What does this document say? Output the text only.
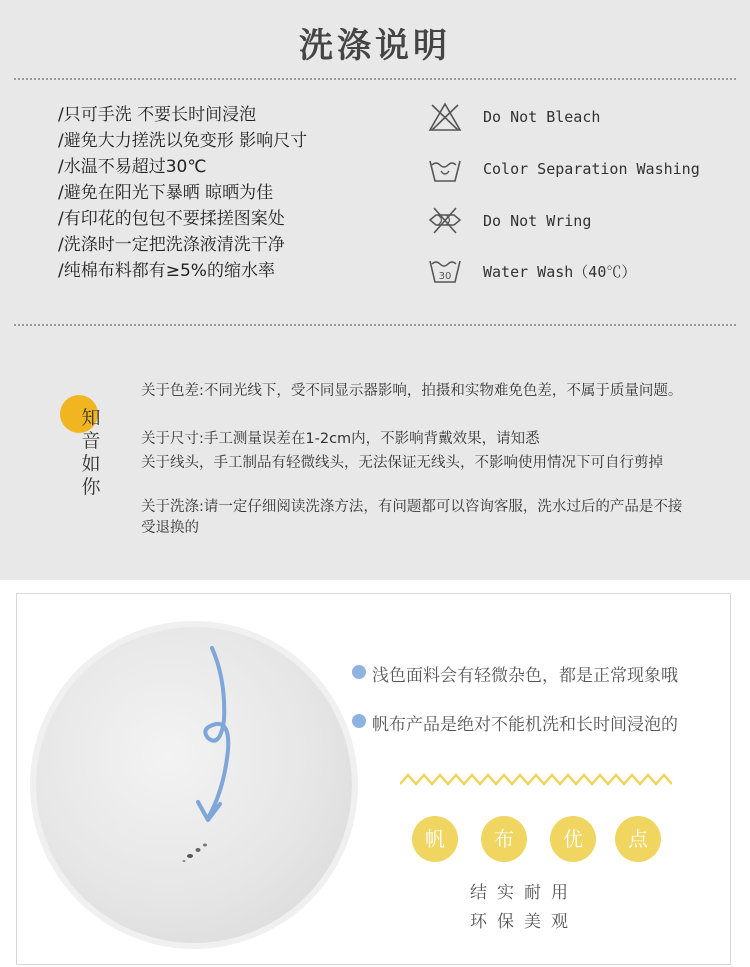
洗涤说明
/只可手洗 不要长时间浸泡
/避免大力搓洗以免变形 影响尺寸
/水温不易超过30℃
/避免在阳光下暴晒 晾晒为佳
/有印花的包包不要揉搓图案处
/洗涤时一定把洗涤液清洗干净
/纯棉布料都有≥5%的缩水率
Do Not Bleach
Color Separation Washing
Do Not Wring
30 Water Wash（40℃）
知
音
如
你
关于色差:不同光线下，受不同显示器影响，拍摄和实物难免色差，不属于质量问题。
关于尺寸:手工测量误差在1-2cm内，不影响背戴效果，请知悉
关于线头，手工制品有轻微线头，无法保证无线头，不影响使用情况下可自行剪掉
关于洗涤:请一定仔细阅读洗涤方法，有问题都可以咨询客服，洗水过后的产品是不接受退换的
浅色面料会有轻微杂色，都是正常现象哦
帆布产品是绝对不能机洗和长时间浸泡的
帆	布	优	点
结实耐用
环保美观
